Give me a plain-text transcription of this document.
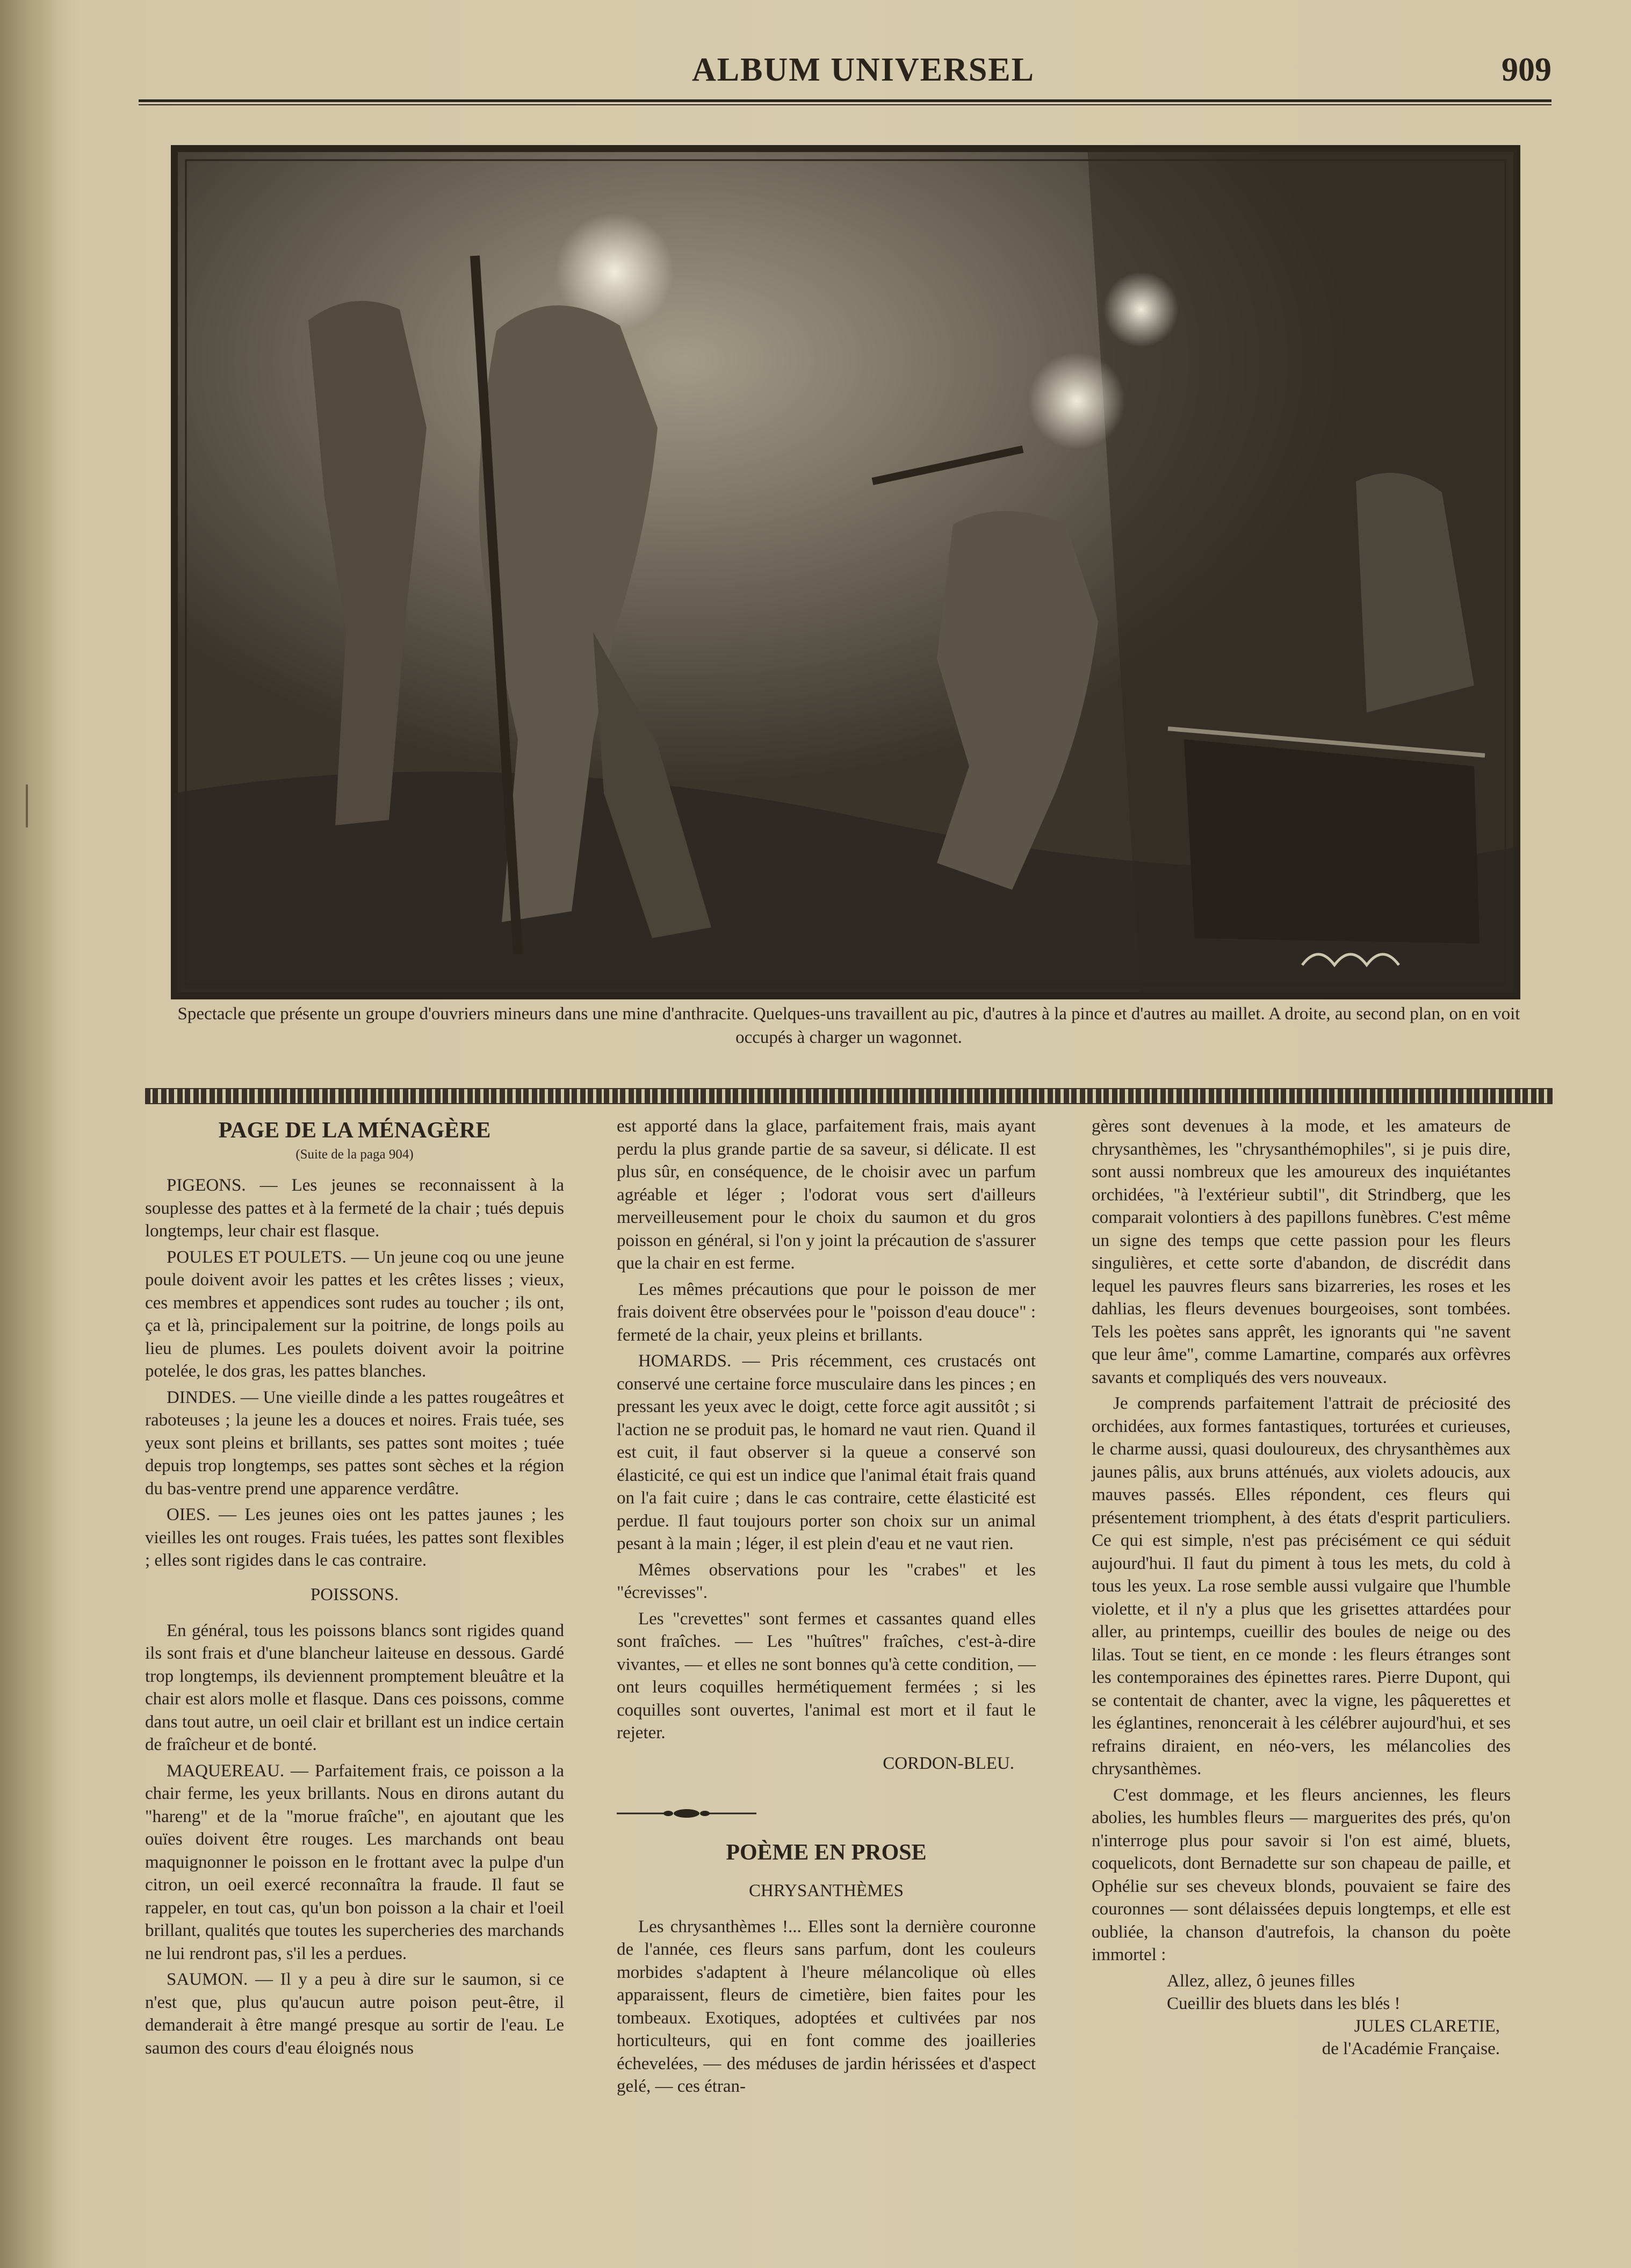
ALBUM UNIVERSEL	909
Spectacle que présente un groupe d'ouvriers mineurs dans une mine d'anthracite. Quelques-uns travaillent au pic, d'autres à la pince et d'autres au maillet. A droite, au second plan, on en voit occupés à charger un wagonnet.
PAGE DE LA MÉNAGÈRE
(Suite de la paga 904)

PIGEONS. — Les jeunes se reconnaissent à la souplesse des pattes et à la fermeté de la chair ; tués depuis longtemps, leur chair est flasque.

POULES ET POULETS. — Un jeune coq ou une jeune poule doivent avoir les pattes et les crêtes lisses ; vieux, ces membres et appendices sont rudes au toucher ; ils ont, ça et là, principalement sur la poitrine, de longs poils au lieu de plumes. Les poulets doivent avoir la poitrine potelée, le dos gras, les pattes blanches.

DINDES. — Une vieille dinde a les pattes rougeâtres et raboteuses ; la jeune les a douces et noires. Frais tuée, ses yeux sont pleins et brillants, ses pattes sont moites ; tuée depuis trop longtemps, ses pattes sont sèches et la région du bas-ventre prend une apparence verdâtre.

OIES. — Les jeunes oies ont les pattes jaunes ; les vieilles les ont rouges. Frais tuées, les pattes sont flexibles ; elles sont rigides dans le cas contraire.

POISSONS.

En général, tous les poissons blancs sont rigides quand ils sont frais et d'une blancheur laiteuse en dessous. Gardé trop longtemps, ils deviennent promptement bleuâtre et la chair est alors molle et flasque. Dans ces poissons, comme dans tout autre, un oeil clair et brillant est un indice certain de fraîcheur et de bonté.

MAQUEREAU. — Parfaitement frais, ce poisson a la chair ferme, les yeux brillants. Nous en dirons autant du "hareng" et de la "morue fraîche", en ajoutant que les ouïes doivent être rouges. Les marchands ont beau maquignonner le poisson en le frottant avec la pulpe d'un citron, un oeil exercé reconnaîtra la fraude. Il faut se rappeler, en tout cas, qu'un bon poisson a la chair et l'oeil brillant, qualités que toutes les supercheries des marchands ne lui rendront pas, s'il les a perdues.

SAUMON. — Il y a peu à dire sur le saumon, si ce n'est que, plus qu'aucun autre poison peut-être, il demanderait à être mangé presque au sortir de l'eau. Le saumon des cours d'eau éloignés nous

est apporté dans la glace, parfaitement frais, mais ayant perdu la plus grande partie de sa saveur, si délicate. Il est plus sûr, en conséquence, de le choisir avec un parfum agréable et léger ; l'odorat vous sert d'ailleurs merveilleusement pour le choix du saumon et du gros poisson en général, si l'on y joint la précaution de s'assurer que la chair en est ferme.

Les mêmes précautions que pour le poisson de mer frais doivent être observées pour le "poisson d'eau douce" : fermeté de la chair, yeux pleins et brillants.

HOMARDS. — Pris récemment, ces crustacés ont conservé une certaine force musculaire dans les pinces ; en pressant les yeux avec le doigt, cette force agit aussitôt ; si l'action ne se produit pas, le homard ne vaut rien. Quand il est cuit, il faut observer si la queue a conservé son élasticité, ce qui est un indice que l'animal était frais quand on l'a fait cuire ; dans le cas contraire, cette élasticité est perdue. Il faut toujours porter son choix sur un animal pesant à la main ; léger, il est plein d'eau et ne vaut rien.

Mêmes observations pour les "crabes" et les "écrevisses".

Les "crevettes" sont fermes et cassantes quand elles sont fraîches. — Les "huîtres" fraîches, c'est-à-dire vivantes, — et elles ne sont bonnes qu'à cette condition, — ont leurs coquilles hermétiquement fermées ; si les coquilles sont ouvertes, l'animal est mort et il faut le rejeter.

CORDON-BLEU.
POÈME EN PROSE
CHRYSANTHÈMES

Les chrysanthèmes !... Elles sont la dernière couronne de l'année, ces fleurs sans parfum, dont les couleurs morbides s'adaptent à l'heure mélancolique où elles apparaissent, fleurs de cimetière, bien faites pour les tombeaux. Exotiques, adoptées et cultivées par nos horticulteurs, qui en font comme des joailleries échevelées, — des méduses de jardin hérissées et d'aspect gelé, — ces étran-

gères sont devenues à la mode, et les amateurs de chrysanthèmes, les "chrysanthémophiles", si je puis dire, sont aussi nombreux que les amoureux des inquiétantes orchidées, "à l'extérieur subtil", dit Strindberg, que les comparait volontiers à des papillons funèbres. C'est même un signe des temps que cette passion pour les fleurs singulières, et cette sorte d'abandon, de discrédit dans lequel les pauvres fleurs sans bizarreries, les roses et les dahlias, les fleurs devenues bourgeoises, sont tombées. Tels les poètes sans apprêt, les ignorants qui "ne savent que leur âme", comme Lamartine, comparés aux orfèvres savants et compliqués des vers nouveaux.

Je comprends parfaitement l'attrait de préciosité des orchidées, aux formes fantastiques, torturées et curieuses, le charme aussi, quasi douloureux, des chrysanthèmes aux jaunes pâlis, aux bruns atténués, aux violets adoucis, aux mauves passés. Elles répondent, ces fleurs qui présentement triomphent, à des états d'esprit particuliers. Ce qui est simple, n'est pas précisément ce qui séduit aujourd'hui. Il faut du piment à tous les mets, du cold à tous les yeux. La rose semble aussi vulgaire que l'humble violette, et il n'y a plus que les grisettes attardées pour aller, au printemps, cueillir des boules de neige ou des lilas. Tout se tient, en ce monde : les fleurs étranges sont les contemporaines des épinettes rares. Pierre Dupont, qui se contentait de chanter, avec la vigne, les pâquerettes et les églantines, renoncerait à les célébrer aujourd'hui, et ses refrains diraient, en néo-vers, les mélancolies des chrysanthèmes.

C'est dommage, et les fleurs anciennes, les fleurs abolies, les humbles fleurs — marguerites des prés, qu'on n'interroge plus pour savoir si l'on est aimé, bluets, coquelicots, dont Bernadette sur son chapeau de paille, et Ophélie sur ses cheveux blonds, pouvaient se faire des couronnes — sont délaissées depuis longtemps, et elle est oubliée, la chanson d'autrefois, la chanson du poète immortel :

Allez, allez, ô jeunes filles
Cueillir des bluets dans les blés !
JULES CLARETIE,
de l'Académie Française.
